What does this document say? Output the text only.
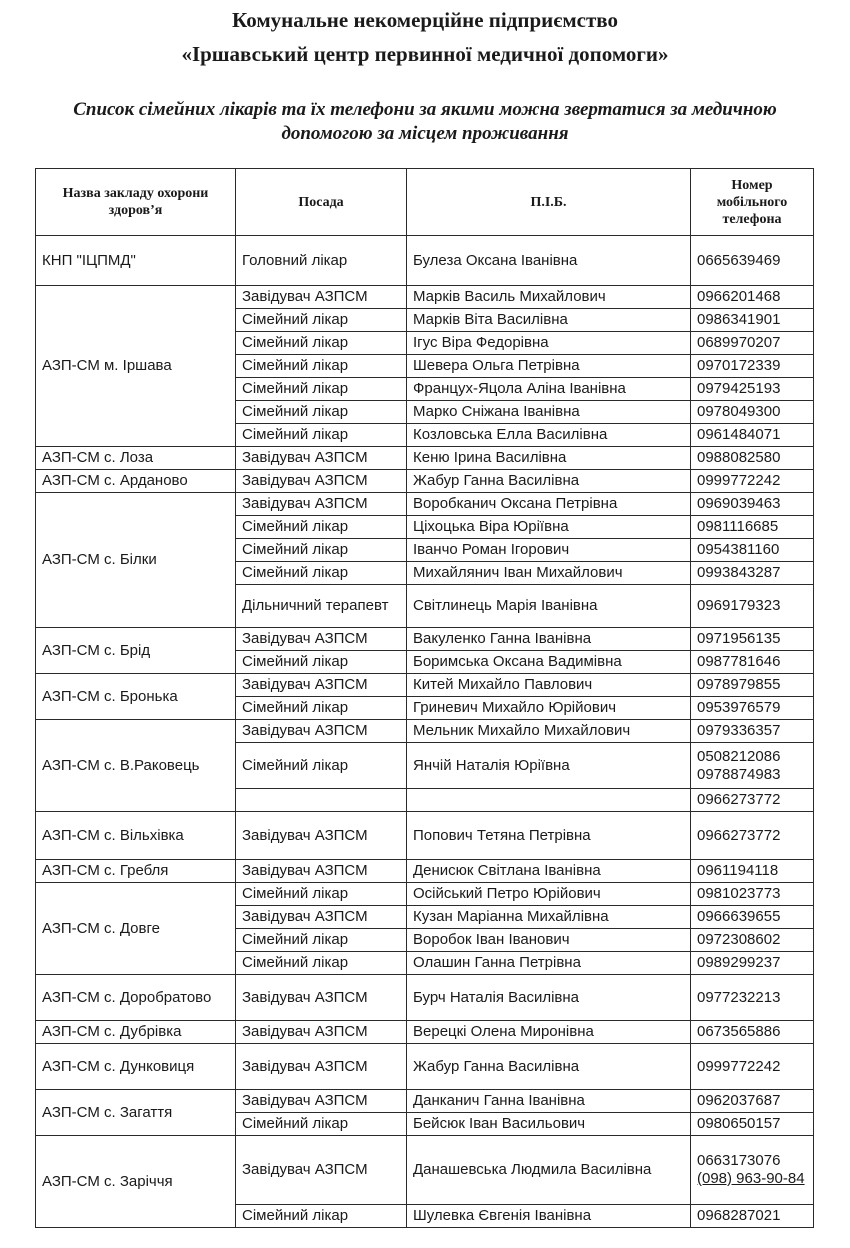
Комунальне некомерційне підприємство
«Іршавський центр первинної медичної допомоги»
Список сімейних лікарів та їх телефони за якими можна звертатися за медичною
допомогою за місцем проживання
Назва закладу охорони здоров’я	Посада	П.І.Б.	Номер мобільного телефона
КНП "ІЦПМД"	Головний лікар	Булеза Оксана Іванівна	0665639469

АЗП-СМ м. Іршава	Завідувач АЗПСМ	Марків Василь Михайлович	0966201468

	Сімейний лікар	Марків Віта Василівна	0986341901

	Сімейний лікар	Ігус Віра Федорівна	0689970207

	Сімейний лікар	Шевера Ольга Петрівна	0970172339

	Сімейний лікар	Францух-Яцола Аліна Іванівна	0979425193

	Сімейний лікар	Марко Сніжана Іванівна	0978049300

	Сімейний лікар	Козловська Елла Василівна	0961484071

АЗП-СМ с. Лоза	Завідувач АЗПСМ	Кеню Ірина Василівна	0988082580

АЗП-СМ с. Арданово	Завідувач АЗПСМ	Жабур Ганна Василівна	0999772242

АЗП-СМ с. Білки	Завідувач АЗПСМ	Воробканич Оксана Петрівна	0969039463

	Сімейний лікар	Ціхоцька Віра Юріївна	0981116685

	Сімейний лікар	Іванчо Роман Ігорович	0954381160

	Сімейний лікар	Михайлянич Іван Михайлович	0993843287

	Дільничний терапевт	Світлинець Марія Іванівна	0969179323

АЗП-СМ с. Брід	Завідувач АЗПСМ	Вакуленко Ганна Іванівна	0971956135

	Сімейний лікар	Боримська Оксана Вадимівна	0987781646

АЗП-СМ с. Бронька	Завідувач АЗПСМ	Китей Михайло Павлович	0978979855

	Сімейний лікар	Гриневич Михайло Юрійович	0953976579

АЗП-СМ с. В.Раковець	Завідувач АЗПСМ	Мельник Михайло Михайлович	0979336357

	Сімейний лікар	Янчій Наталія Юріївна	0508212086
0978874983

			0966273772

АЗП-СМ с. Вільхівка	Завідувач АЗПСМ	Попович Тетяна Петрівна	0966273772

АЗП-СМ с. Гребля	Завідувач АЗПСМ	Денисюк Світлана Іванівна	0961194118

АЗП-СМ с. Довге	Сімейний лікар	Осійський Петро Юрійович	0981023773

	Завідувач АЗПСМ	Кузан Маріанна Михайлівна	0966639655

	Сімейний лікар	Воробок Іван Іванович	0972308602

	Сімейний лікар	Олашин Ганна Петрівна	0989299237

АЗП-СМ с. Доробратово	Завідувач АЗПСМ	Бурч Наталія Василівна	0977232213

АЗП-СМ с. Дубрівка	Завідувач АЗПСМ	Верецкі Олена Миронівна	0673565886

АЗП-СМ с. Дунковиця	Завідувач АЗПСМ	Жабур Ганна Василівна	0999772242

АЗП-СМ с. Загаття	Завідувач АЗПСМ	Данканич Ганна Іванівна	0962037687

	Сімейний лікар	Бейсюк Іван Васильович	0980650157

АЗП-СМ с. Заріччя	Завідувач АЗПСМ	Данашевська Людмила Василівна	0663173076
(098) 963-90-84

	Сімейний лікар	Шулевка Євгенія Іванівна	0968287021
